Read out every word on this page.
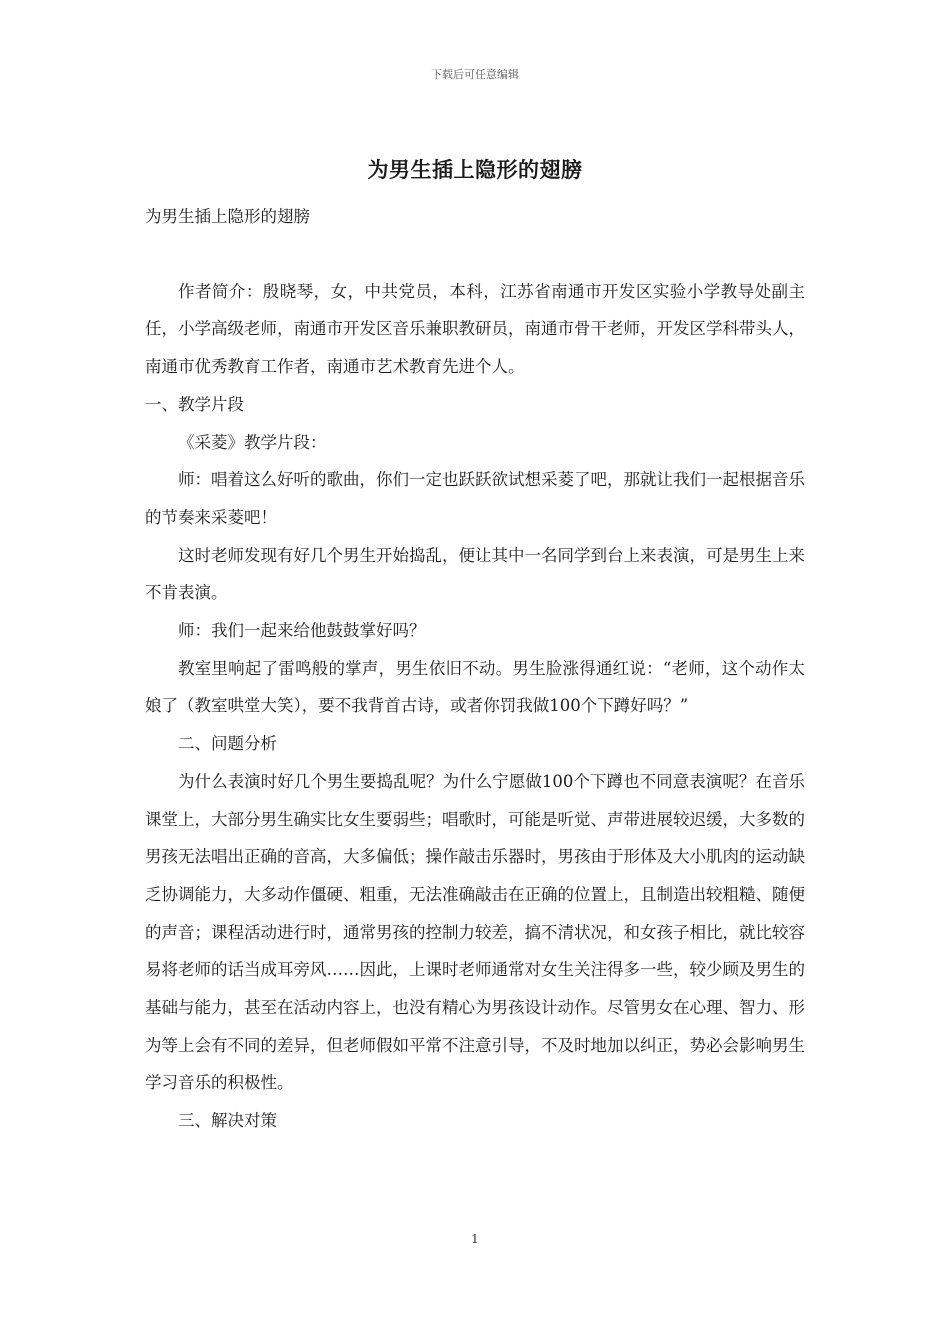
下载后可任意编辑
为男生插上隐形的翅膀

为男生插上隐形的翅膀

作者简介：殷晓琴，女，中共党员，本科，江苏省南通市开发区实验小学教导处副主任，小学高级老师，南通市开发区音乐兼职教研员，南通市骨干老师，开发区学科带头人，南通市优秀教育工作者，南通市艺术教育先进个人。

一、教学片段

《采菱》教学片段：

师：唱着这么好听的歌曲，你们一定也跃跃欲试想采菱了吧，那就让我们一起根据音乐的节奏来采菱吧！

这时老师发现有好几个男生开始捣乱，便让其中一名同学到台上来表演，可是男生上来不肯表演。

师：我们一起来给他鼓鼓掌好吗？

教室里响起了雷鸣般的掌声，男生依旧不动。男生脸涨得通红说：“老师，这个动作太娘了（教室哄堂大笑），要不我背首古诗，或者你罚我做100个下蹲好吗？”

二、问题分析

为什么表演时好几个男生要捣乱呢？为什么宁愿做100个下蹲也不同意表演呢？在音乐课堂上，大部分男生确实比女生要弱些；唱歌时，可能是听觉、声带进展较迟缓，大多数的男孩无法唱出正确的音高，大多偏低；操作敲击乐器时，男孩由于形体及大小肌肉的运动缺乏协调能力，大多动作僵硬、粗重，无法准确敲击在正确的位置上，且制造出较粗糙、随便的声音；课程活动进行时，通常男孩的控制力较差，搞不清状况，和女孩子相比，就比较容易将老师的话当成耳旁风……因此，上课时老师通常对女生关注得多一些，较少顾及男生的基础与能力，甚至在活动内容上，也没有精心为男孩设计动作。尽管男女在心理、智力、形为等上会有不同的差异，但老师假如平常不注意引导，不及时地加以纠正，势必会影响男生学习音乐的积极性。

三、解决对策

1
